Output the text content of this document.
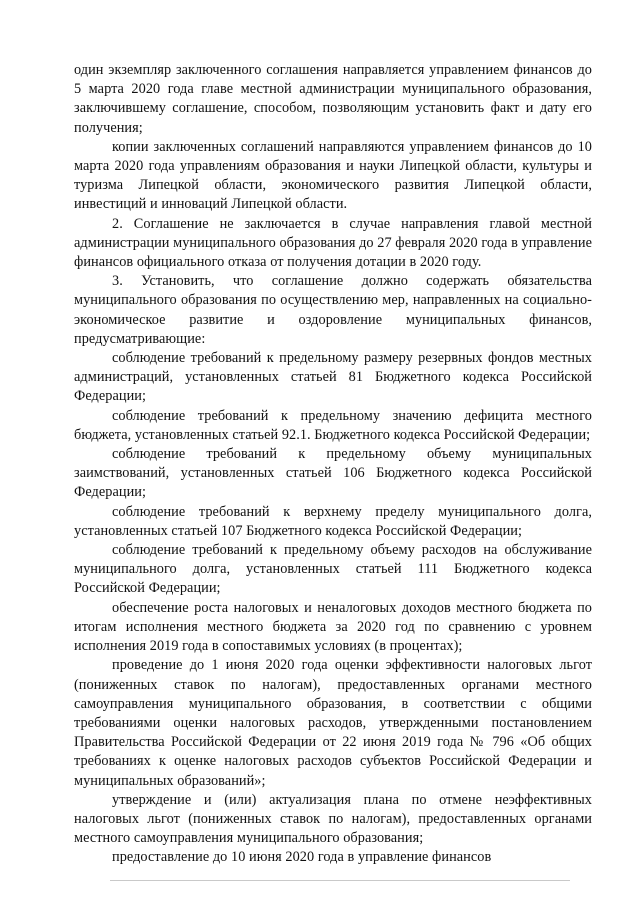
один экземпляр заключенного соглашения направляется управлением финансов до 5 марта 2020 года главе местной администрации муниципального образования, заключившему соглашение, способом, позволяющим установить факт и дату его получения;

копии заключенных соглашений направляются управлением финансов до 10 марта 2020 года управлениям образования и науки Липецкой области, культуры и туризма Липецкой области, экономического развития Липецкой области, инвестиций и инноваций Липецкой области.

2. Соглашение не заключается в случае направления главой местной администрации муниципального образования до 27 февраля 2020 года в управление финансов официального отказа от получения дотации в 2020 году.

3. Установить, что соглашение должно содержать обязательства муниципального образования по осуществлению мер, направленных на социально-экономическое развитие и оздоровление муниципальных финансов, предусматривающие:

соблюдение требований к предельному размеру резервных фондов местных администраций, установленных статьей 81 Бюджетного кодекса Российской Федерации;

соблюдение требований к предельному значению дефицита местного бюджета, установленных статьей 92.1. Бюджетного кодекса Российской Федерации;

соблюдение требований к предельному объему муниципальных заимствований, установленных статьей 106 Бюджетного кодекса Российской Федерации;

соблюдение требований к верхнему пределу муниципального долга, установленных статьей 107 Бюджетного кодекса Российской Федерации;

соблюдение требований к предельному объему расходов на обслуживание муниципального долга, установленных статьей 111 Бюджетного кодекса Российской Федерации;

обеспечение роста налоговых и неналоговых доходов местного бюджета по итогам исполнения местного бюджета за 2020 год по сравнению с уровнем исполнения 2019 года в сопоставимых условиях (в процентах);

проведение до 1 июня 2020 года оценки эффективности налоговых льгот (пониженных ставок по налогам), предоставленных органами местного самоуправления муниципального образования, в соответствии с общими требованиями оценки налоговых расходов, утвержденными постановлением Правительства Российской Федерации от 22 июня 2019 года № 796 «Об общих требованиях к оценке налоговых расходов субъектов Российской Федерации и муниципальных образований»;

утверждение и (или) актуализация плана по отмене неэффективных налоговых льгот (пониженных ставок по налогам), предоставленных органами местного самоуправления муниципального образования;

предоставление до 10 июня 2020 года в управление финансов
